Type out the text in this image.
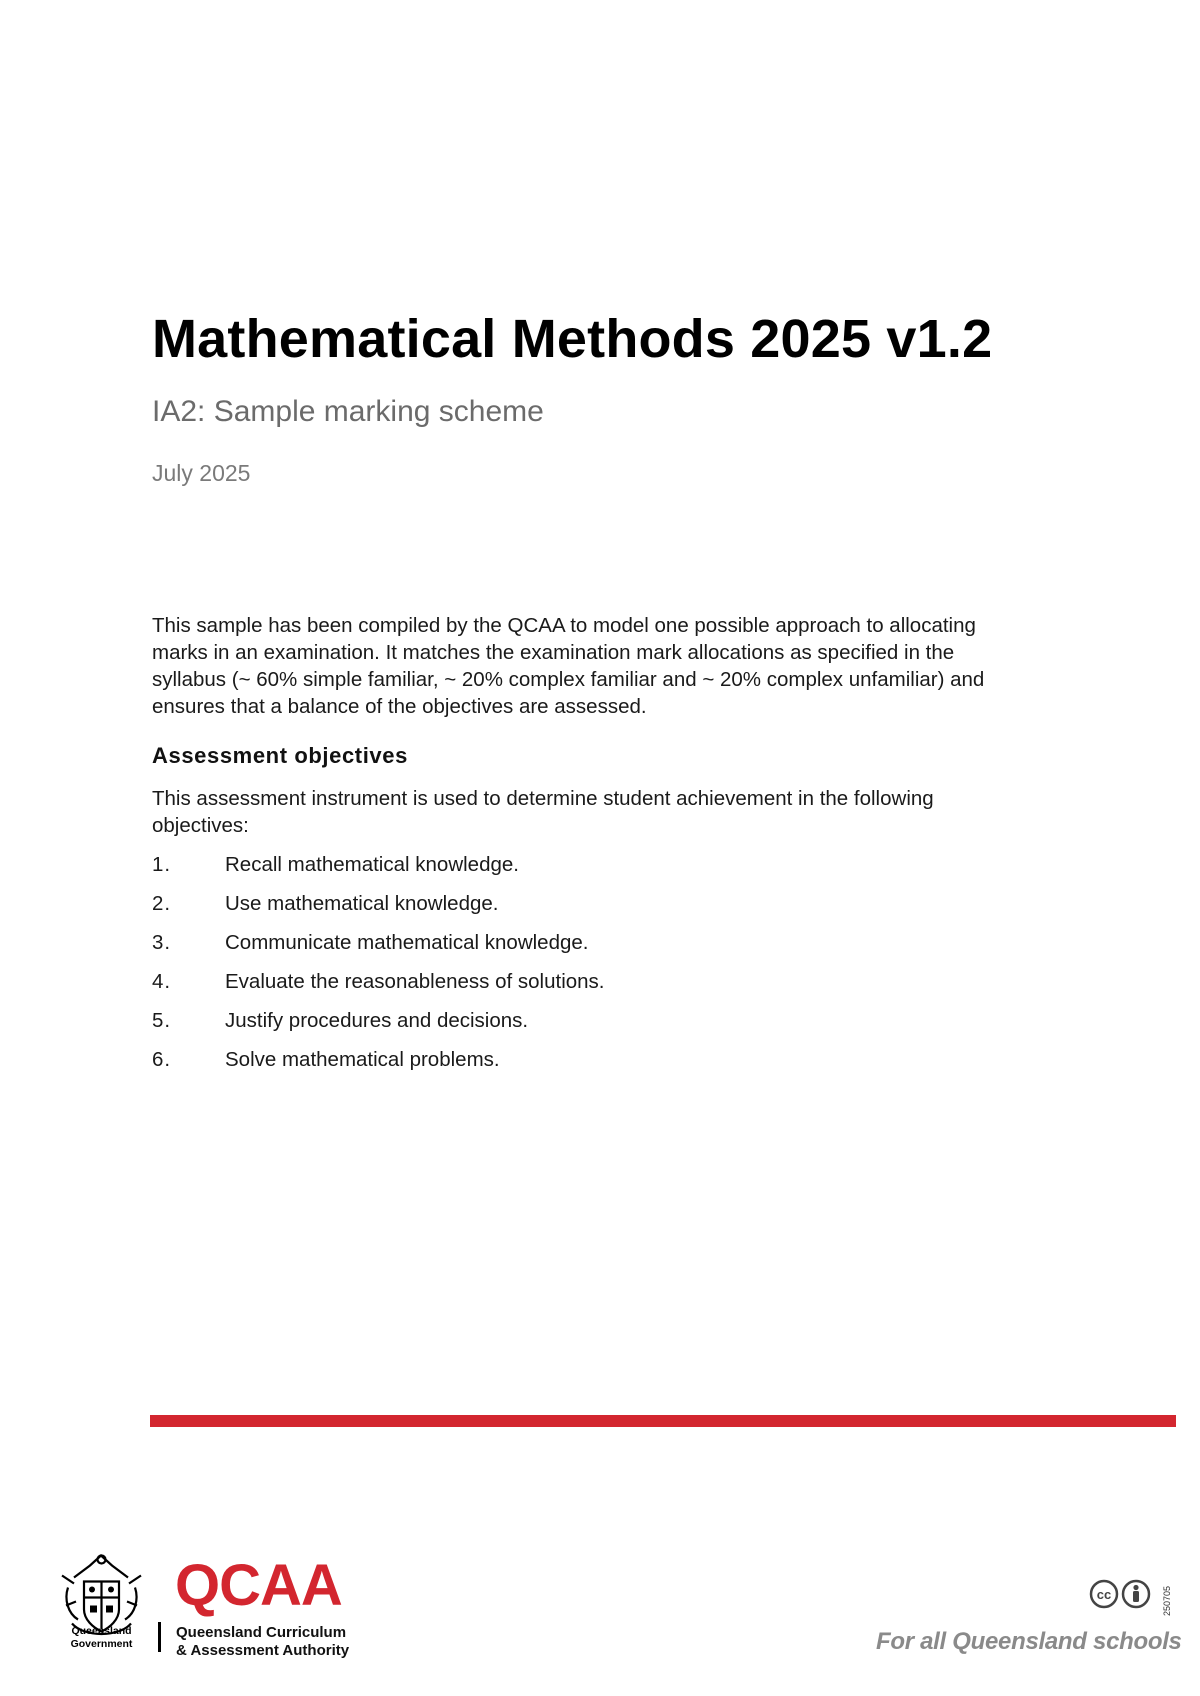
Mathematical Methods 2025 v1.2
IA2: Sample marking scheme

July 2025

This sample has been compiled by the QCAA to model one possible approach to allocating marks in an examination. It matches the examination mark allocations as specified in the syllabus (~ 60% simple familiar, ~ 20% complex familiar and ~ 20% complex unfamiliar) and ensures that a balance of the objectives are assessed.

Assessment objectives

This assessment instrument is used to determine student achievement in the following objectives:

1.	Recall mathematical knowledge.
2.	Use mathematical knowledge.
3.	Communicate mathematical knowledge.
4.	Evaluate the reasonableness of solutions.
5.	Justify procedures and decisions.
6.	Solve mathematical problems.
Queensland
Government
QCAA
Queensland Curriculum
& Assessment Authority
cc	250705
For all Queensland schools
